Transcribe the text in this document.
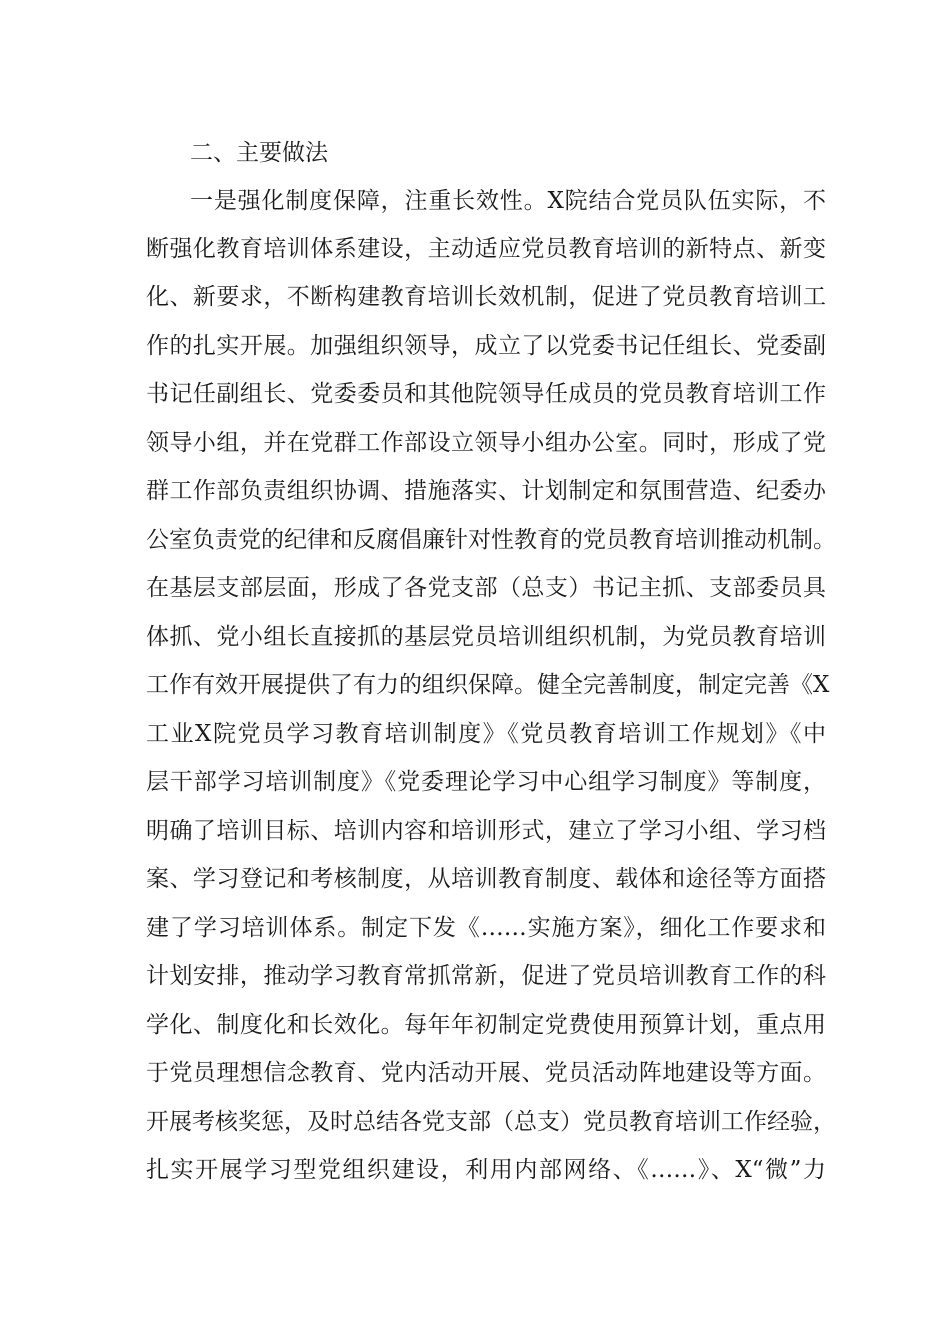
二、主要做法
一是强化制度保障，注重长效性。X院结合党员队伍实际，不
断强化教育培训体系建设，主动适应党员教育培训的新特点、新变
化、新要求，不断构建教育培训长效机制，促进了党员教育培训工
作的扎实开展。加强组织领导，成立了以党委书记任组长、党委副
书记任副组长、党委委员和其他院领导任成员的党员教育培训工作
领导小组，并在党群工作部设立领导小组办公室。同时，形成了党
群工作部负责组织协调、措施落实、计划制定和氛围营造、纪委办
公室负责党的纪律和反腐倡廉针对性教育的党员教育培训推动机制。
在基层支部层面，形成了各党支部（总支）书记主抓、支部委员具
体抓、党小组长直接抓的基层党员培训组织机制，为党员教育培训
工作有效开展提供了有力的组织保障。健全完善制度，制定完善《X
工业X院党员学习教育培训制度》《党员教育培训工作规划》《中
层干部学习培训制度》《党委理论学习中心组学习制度》等制度，
明确了培训目标、培训内容和培训形式，建立了学习小组、学习档
案、学习登记和考核制度，从培训教育制度、载体和途径等方面搭
建了学习培训体系。制定下发《……实施方案》，细化工作要求和
计划安排，推动学习教育常抓常新，促进了党员培训教育工作的科
学化、制度化和长效化。每年年初制定党费使用预算计划，重点用
于党员理想信念教育、党内活动开展、党员活动阵地建设等方面。
开展考核奖惩，及时总结各党支部（总支）党员教育培训工作经验，
扎实开展学习型党组织建设，利用内部网络、《……》、X“微”力
